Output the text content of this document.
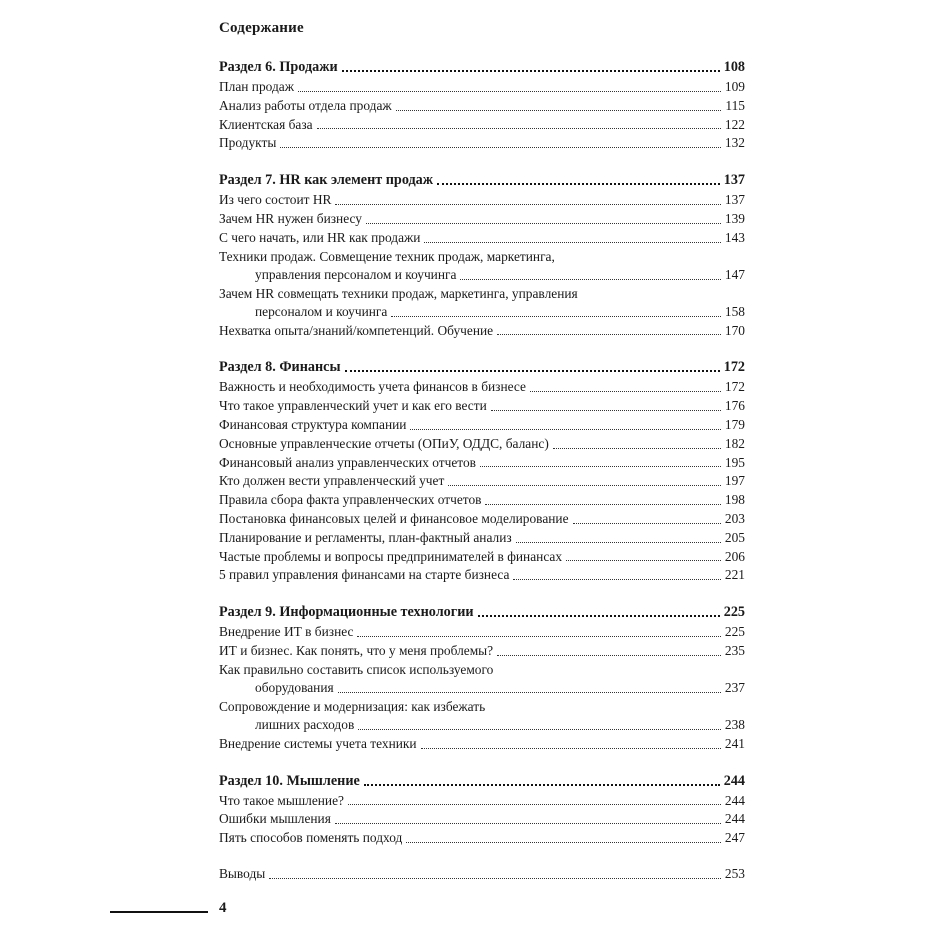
Содержание
Раздел 6. Продажи	108
План продаж	109
Анализ работы отдела продаж	115
Клиентская база	122
Продукты	132
Раздел 7. HR как элемент продаж	137
Из чего состоит HR	137
Зачем HR нужен бизнесу	139
С чего начать, или HR как продажи	143
Техники продаж. Совмещение техник продаж, маркетинга,
управления персоналом и коучинга	147
Зачем HR совмещать техники продаж, маркетинга, управления
персоналом и коучинга	158
Нехватка опыта/знаний/компетенций. Обучение	170
Раздел 8. Финансы	172
Важность и необходимость учета финансов в бизнесе	172
Что такое управленческий учет и как его вести	176
Финансовая структура компании	179
Основные управленческие отчеты (ОПиУ, ОДДС, баланс)	182
Финансовый анализ управленческих отчетов	195
Кто должен вести управленческий учет	197
Правила сбора факта управленческих отчетов	198
Постановка финансовых целей и финансовое моделирование	203
Планирование и регламенты, план-фактный анализ	205
Частые проблемы и вопросы предпринимателей в финансах	206
5 правил управления финансами на старте бизнеса	221
Раздел 9. Информационные технологии	225
Внедрение ИТ в бизнес	225
ИТ и бизнес. Как понять, что у меня проблемы?	235
Как правильно составить список используемого
оборудования	237
Сопровождение и модернизация: как избежать
лишних расходов	238
Внедрение системы учета техники	241
Раздел 10. Мышление	244
Что такое мышление?	244
Ошибки мышления	244
Пять способов поменять подход	247
Выводы	253
4
